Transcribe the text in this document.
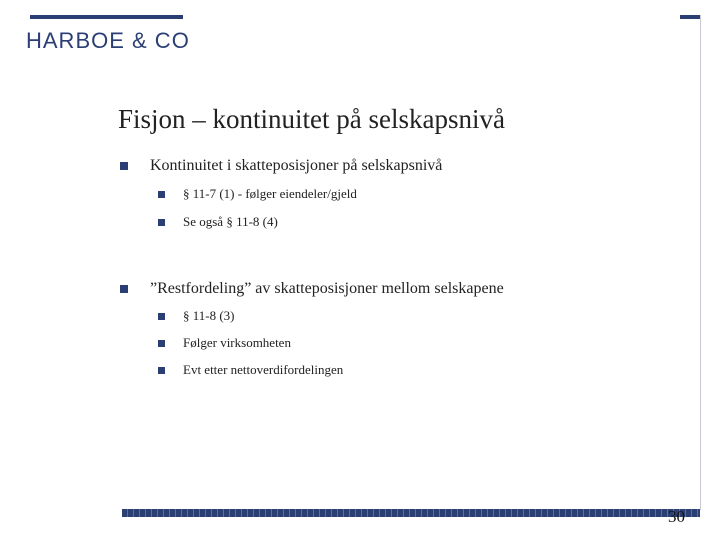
HARBOE & CO
Fisjon – kontinuitet på selskapsnivå
Kontinuitet i skatteposisjoner på selskapsnivå
§ 11-7 (1) - følger eiendeler/gjeld
Se også § 11-8 (4)
”Restfordeling” av skatteposisjoner mellom selskapene
§ 11-8 (3)
Følger virksomheten
Evt etter nettoverdifordelingen
30
